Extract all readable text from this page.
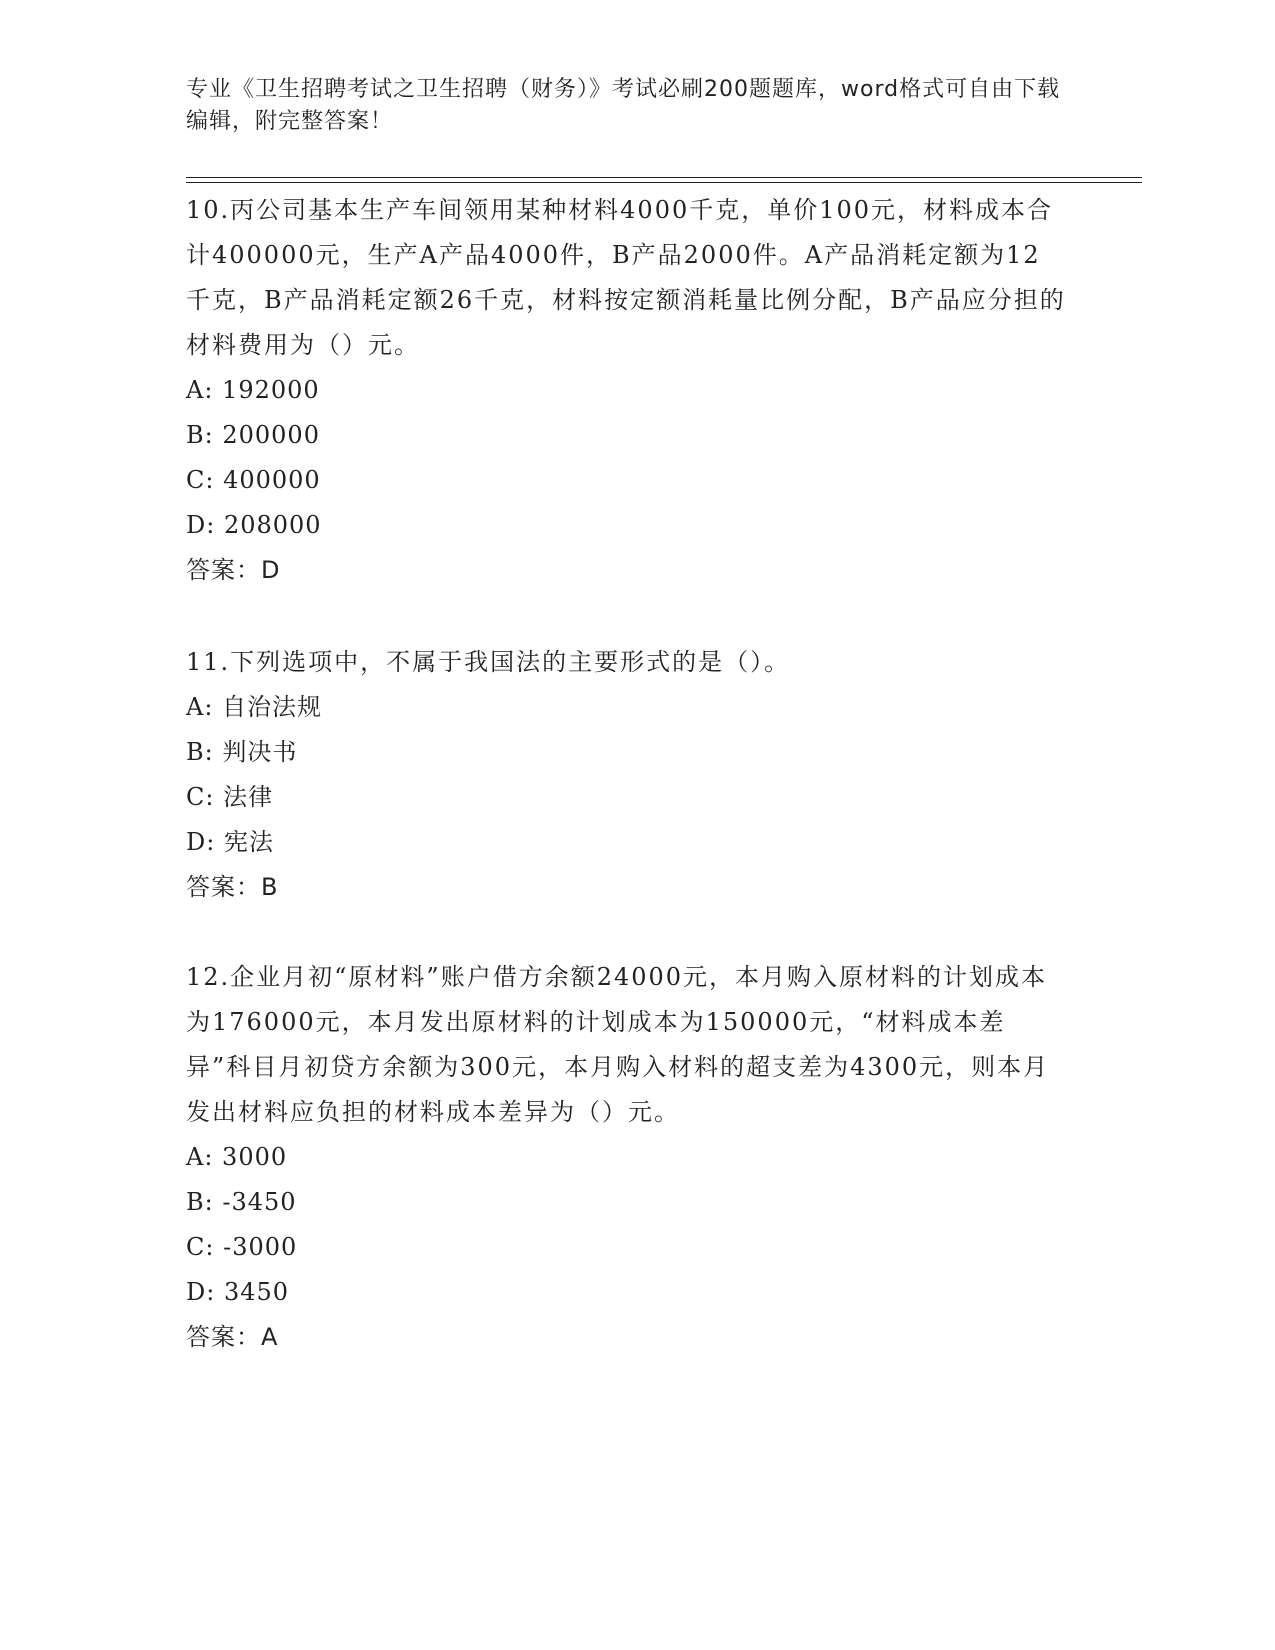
专业《卫生招聘考试之卫生招聘（财务）》考试必刷200题题库，word格式可自由下载编辑，附完整答案！

10.丙公司基本生产车间领用某种材料4000千克，单价100元，材料成本合计400000元，生产A产品4000件，B产品2000件。A产品消耗定额为12千克，B产品消耗定额26千克，材料按定额消耗量比例分配，B产品应分担的材料费用为（）元。

A: 192000

B: 200000

C: 400000

D: 208000

答案：D

11.下列选项中，不属于我国法的主要形式的是（）。

A: 自治法规

B: 判决书

C: 法律

D: 宪法

答案：B

12.企业月初“原材料”账户借方余额24000元，本月购入原材料的计划成本为176000元，本月发出原材料的计划成本为150000元，“材料成本差异”科目月初贷方余额为300元，本月购入材料的超支差为4300元，则本月发出材料应负担的材料成本差异为（）元。

A: 3000

B: -3450

C: -3000

D: 3450

答案：A
